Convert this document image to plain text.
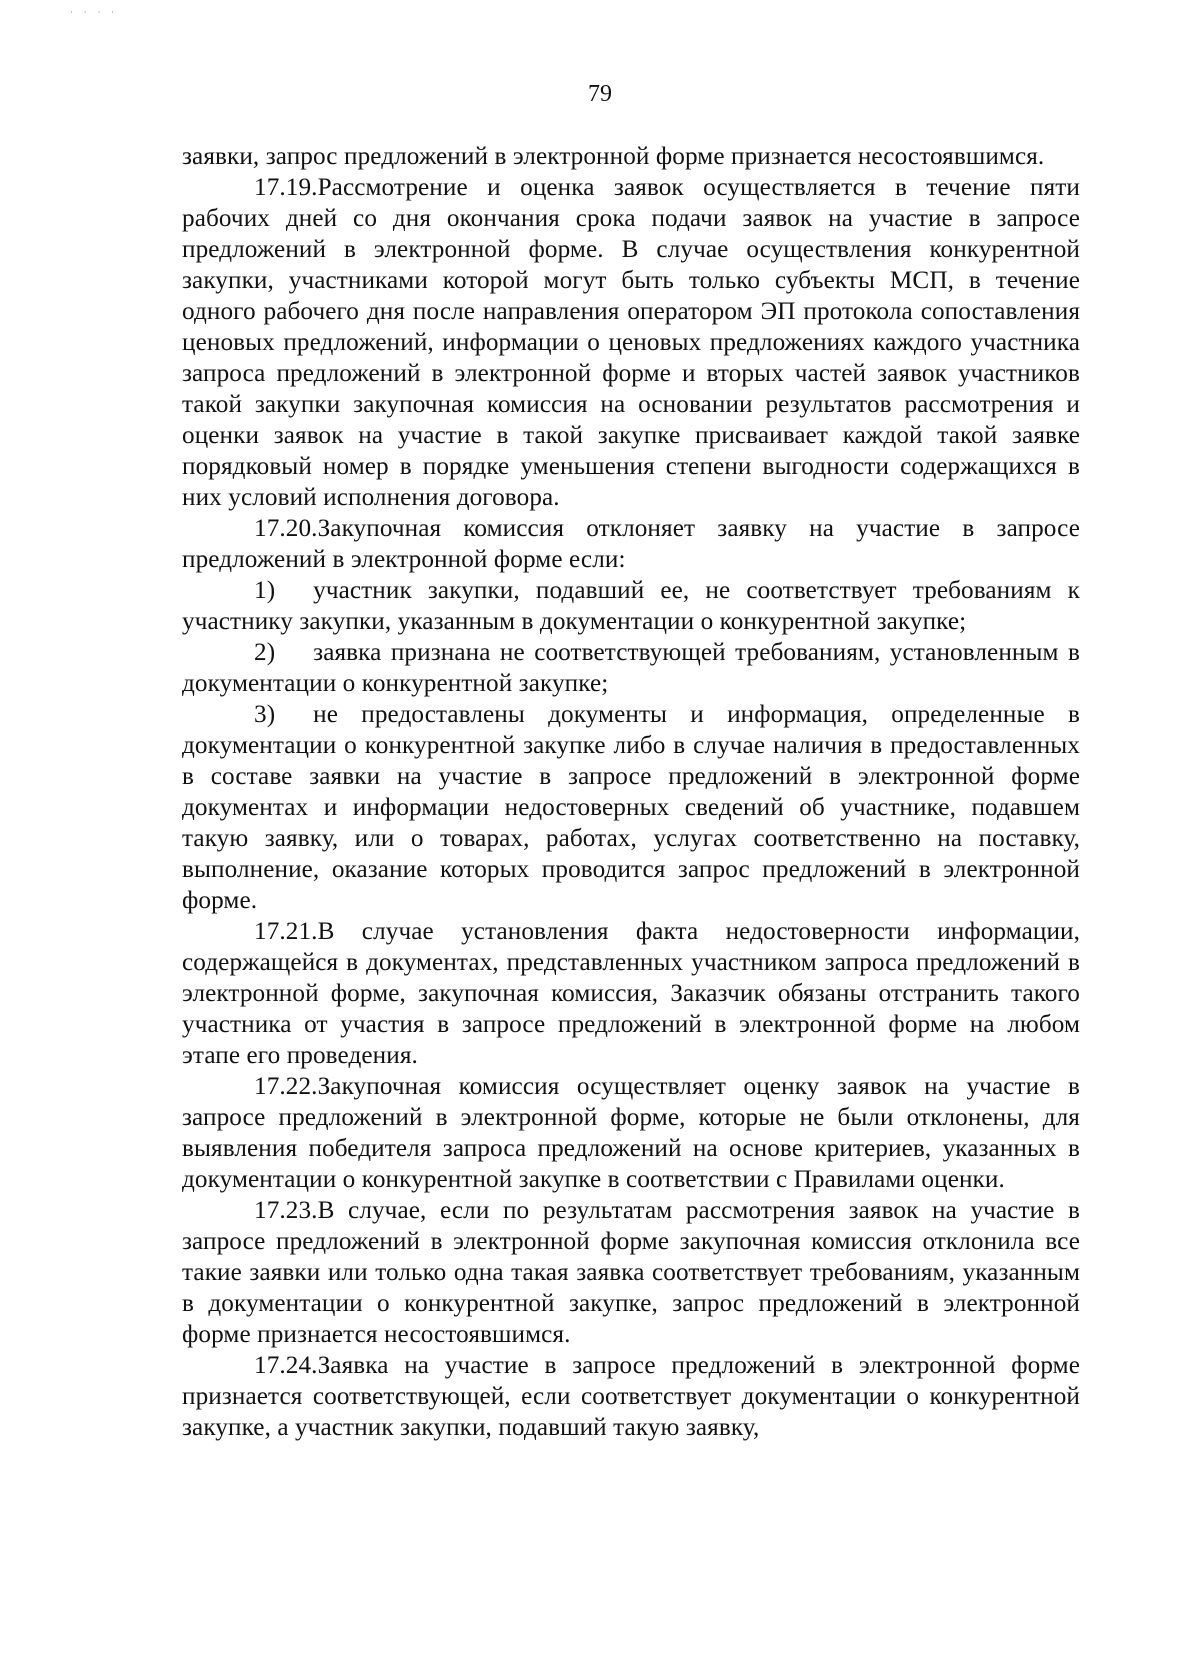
· · · ·
79

заявки, запрос предложений в электронной форме признается несостоявшимся.

17.19.Рассмотрение и оценка заявок осуществляется в течение пяти рабочих дней со дня окончания срока подачи заявок на участие в запросе предложений в электронной форме. В случае осуществления конкурентной закупки, участниками которой могут быть только субъекты МСП, в течение одного рабочего дня после направления оператором ЭП протокола сопоставления ценовых предложений, информации о ценовых предложениях каждого участника запроса предложений в электронной форме и вторых частей заявок участников такой закупки закупочная комиссия на основании результатов рассмотрения и оценки заявок на участие в такой закупке присваивает каждой такой заявке порядковый номер в порядке уменьшения степени выгодности содержащихся в них условий исполнения договора.

17.20.Закупочная комиссия отклоняет заявку на участие в запросе предложений в электронной форме если:

1)  участник закупки, подавший ее, не соответствует требованиям к участнику закупки, указанным в документации о конкурентной закупке;

2)  заявка признана не соответствующей требованиям, установленным в документации о конкурентной закупке;

3)  не предоставлены документы и информация, определенные в документации о конкурентной закупке либо в случае наличия в предоставленных в составе заявки на участие в запросе предложений в электронной форме документах и информации недостоверных сведений об участнике, подавшем такую заявку, или о товарах, работах, услугах соответственно на поставку, выполнение, оказание которых проводится запрос предложений в электронной форме.

17.21.В случае установления факта недостоверности информации, содержащейся в документах, представленных участником запроса предложений в электронной форме, закупочная комиссия, Заказчик обязаны отстранить такого участника от участия в запросе предложений в электронной форме на любом этапе его проведения.

17.22.Закупочная комиссия осуществляет оценку заявок на участие в запросе предложений в электронной форме, которые не были отклонены, для выявления победителя запроса предложений на основе критериев, указанных в документации о конкурентной закупке в соответствии с Правилами оценки.

17.23.В случае, если по результатам рассмотрения заявок на участие в запросе предложений в электронной форме закупочная комиссия отклонила все такие заявки или только одна такая заявка соответствует требованиям, указанным в документации о конкурентной закупке, запрос предложений в электронной форме признается несостоявшимся.

17.24.Заявка на участие в запросе предложений в электронной форме признается соответствующей, если соответствует документации о конкурентной закупке, а участник закупки, подавший такую заявку,
